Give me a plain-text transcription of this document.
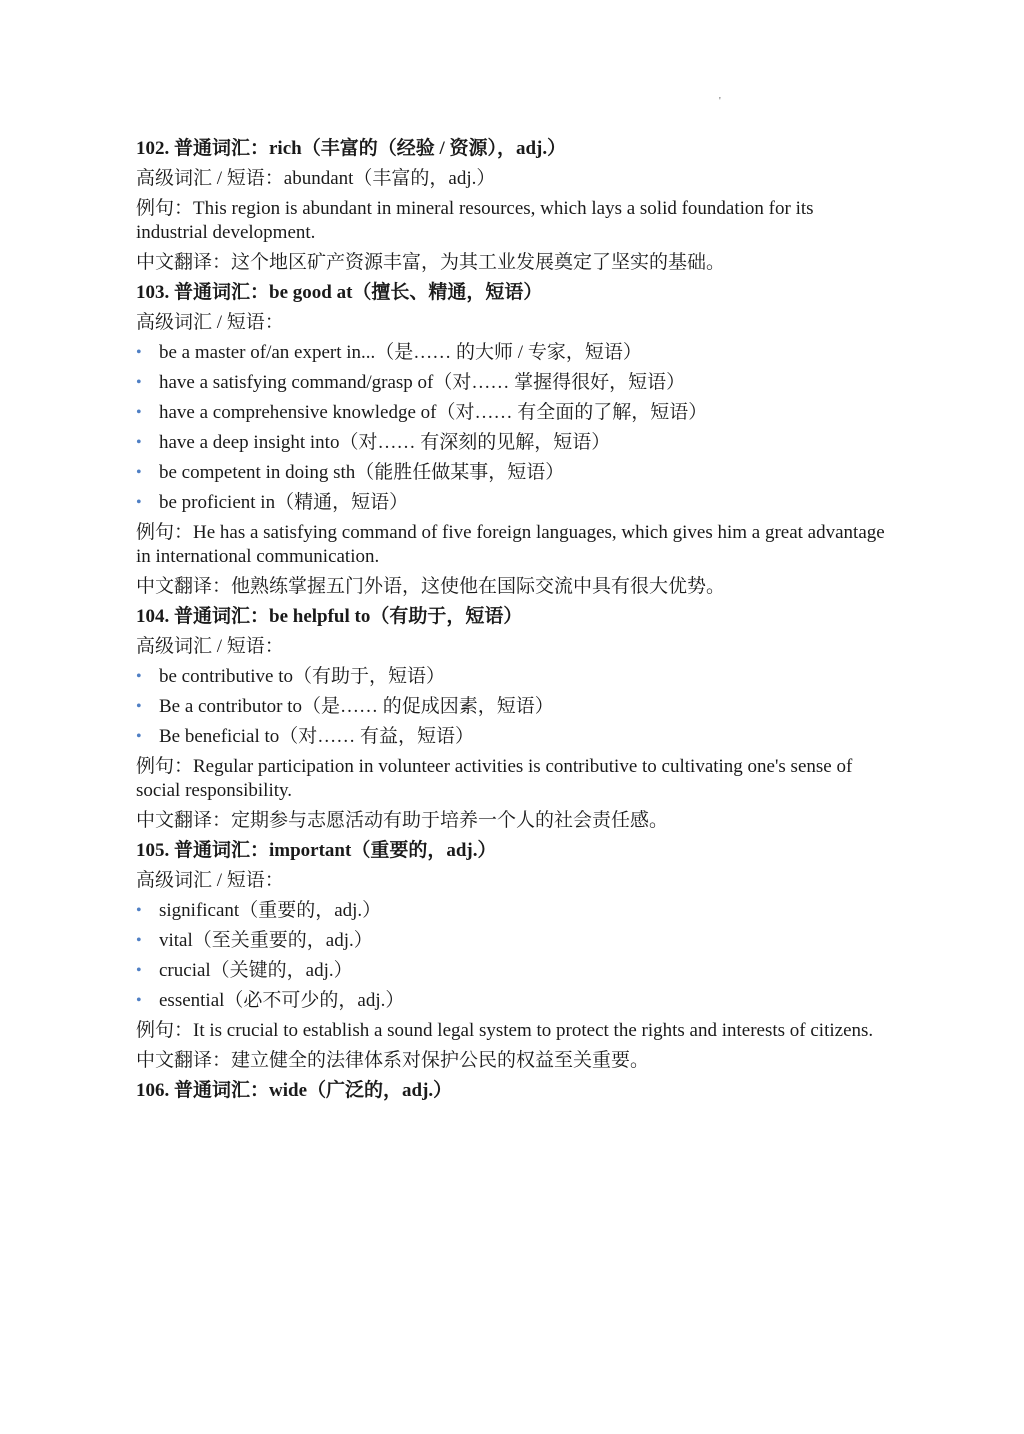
'
102. 普通词汇：rich（丰富的（经验 / 资源），adj.）
高级词汇 / 短语：abundant（丰富的，adj.）
例句：This region is abundant in mineral resources, which lays a solid foundation for its industrial development.
中文翻译：这个地区矿产资源丰富，为其工业发展奠定了坚实的基础。
103. 普通词汇：be good at（擅长、精通，短语）
高级词汇 / 短语：
• be a master of/an expert in...（是…… 的大师 / 专家，短语）
• have a satisfying command/grasp of（对…… 掌握得很好，短语）
• have a comprehensive knowledge of（对…… 有全面的了解，短语）
• have a deep insight into（对…… 有深刻的见解，短语）
• be competent in doing sth（能胜任做某事，短语）
• be proficient in（精通，短语）
例句：He has a satisfying command of five foreign languages, which gives him a great advantage in international communication.
中文翻译：他熟练掌握五门外语，这使他在国际交流中具有很大优势。
104. 普通词汇：be helpful to（有助于，短语）
高级词汇 / 短语：
• be contributive to（有助于，短语）
• Be a contributor to（是…… 的促成因素，短语）
• Be beneficial to（对…… 有益，短语）
例句：Regular participation in volunteer activities is contributive to cultivating one's sense of social responsibility.
中文翻译：定期参与志愿活动有助于培养一个人的社会责任感。
105. 普通词汇：important（重要的，adj.）
高级词汇 / 短语：
• significant（重要的，adj.）
• vital（至关重要的，adj.）
• crucial（关键的，adj.）
• essential（必不可少的，adj.）
例句：It is crucial to establish a sound legal system to protect the rights and interests of citizens.
中文翻译：建立健全的法律体系对保护公民的权益至关重要。
106. 普通词汇：wide（广泛的，adj.）
